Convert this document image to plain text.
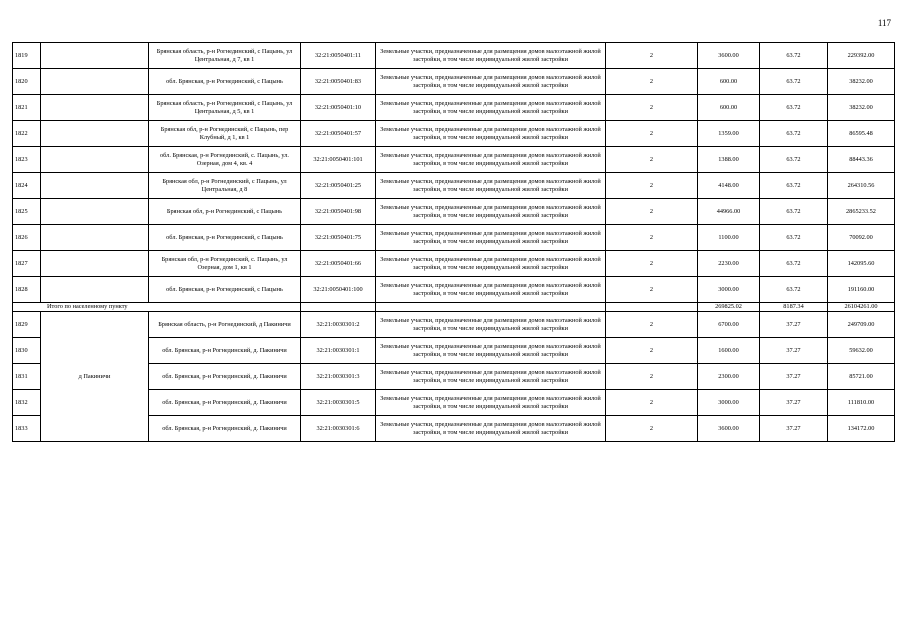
117
1819		Брянская область, р-н Рогнединский, с Пацынь, ул Центральная, д 7, кв 1	32:21:0050401:11	Земельные участки, предназначенные для размещения домов малоэтажной жилой застройки, в том числе индивидуальной жилой застройки	2	3600.00	63.72	229392.00
1820		обл. Брянская, р-н Рогнединский, с Пацынь	32:21:0050401:83	Земельные участки, предназначенные для размещения домов малоэтажной жилой застройки, в том числе индивидуальной жилой застройки	2	600.00	63.72	38232.00
1821		Брянская область, р-н Рогнединский, с Пацынь, ул Центральная, д 5, кв 1	32:21:0050401:10	Земельные участки, предназначенные для размещения домов малоэтажной жилой застройки, в том числе индивидуальной жилой застройки	2	600.00	63.72	38232.00
1822		Брянская обл, р-н Рогнединский, с Пацынь, пер Клубный, д 1, кв 1	32:21:0050401:57	Земельные участки, предназначенные для размещения домов малоэтажной жилой застройки, в том числе индивидуальной жилой застройки	2	1359.00	63.72	86595.48
1823		обл. Брянская, р-н Рогнединский, с. Пацынь, ул. Озерная, дом 4, кв. 4	32:21:0050401:101	Земельные участки, предназначенные для размещения домов малоэтажной жилой застройки, в том числе индивидуальной жилой застройки	2	1388.00	63.72	88443.36
1824		Брянская обл, р-н Рогнединский, с Пацынь, ул Центральная, д 8	32:21:0050401:25	Земельные участки, предназначенные для размещения домов малоэтажной жилой застройки, в том числе индивидуальной жилой застройки	2	4148.00	63.72	264310.56
1825		Брянская обл, р-н Рогнединский, с Пацынь	32:21:0050401:98	Земельные участки, предназначенные для размещения домов малоэтажной жилой застройки, в том числе индивидуальной жилой застройки	2	44966.00	63.72	2865233.52
1826		обл. Брянская, р-н Рогнединский, с Пацынь	32:21:0050401:75	Земельные участки, предназначенные для размещения домов малоэтажной жилой застройки, в том числе индивидуальной жилой застройки	2	1100.00	63.72	70092.00
1827		Брянская обл, р-н Рогнединский, с. Пацынь, ул Озерная, дом 1, кв 1	32:21:0050401:66	Земельные участки, предназначенные для размещения домов малоэтажной жилой застройки, в том числе индивидуальной жилой застройки	2	2230.00	63.72	142095.60
1828		обл. Брянская, р-н Рогнединский, с Пацынь	32:21:0050401:100	Земельные участки, предназначенные для размещения домов малоэтажной жилой застройки, в том числе индивидуальной жилой застройки	2	3000.00	63.72	191160.00
Итого по населенному пункту						269825.02	8187.34	26104261.00
1829	д Пакиничи	Брянская область, р-н Рогнединский, д Пакиничи	32:21:0030301:2	Земельные участки, предназначенные для размещения домов малоэтажной жилой застройки, в том числе индивидуальной жилой застройки	2	6700.00	37.27	249709.00
1830		обл. Брянская, р-н Рогнединский, д. Пакиничи	32:21:0030301:1	Земельные участки, предназначенные для размещения домов малоэтажной жилой застройки, в том числе индивидуальной жилой застройки	2	1600.00	37.27	59632.00
1831		обл. Брянская, р-н Рогнединский, д. Пакиничи	32:21:0030301:3	Земельные участки, предназначенные для размещения домов малоэтажной жилой застройки, в том числе индивидуальной жилой застройки	2	2300.00	37.27	85721.00
1832		обл. Брянская, р-н Рогнединский, д. Пакиничи	32:21:0030301:5	Земельные участки, предназначенные для размещения домов малоэтажной жилой застройки, в том числе индивидуальной жилой застройки	2	3000.00	37.27	111810.00
1833		обл. Брянская, р-н Рогнединский, д. Пакиничи	32:21:0030301:6	Земельные участки, предназначенные для размещения домов малоэтажной жилой застройки, в том числе индивидуальной жилой застройки	2	3600.00	37.27	134172.00
